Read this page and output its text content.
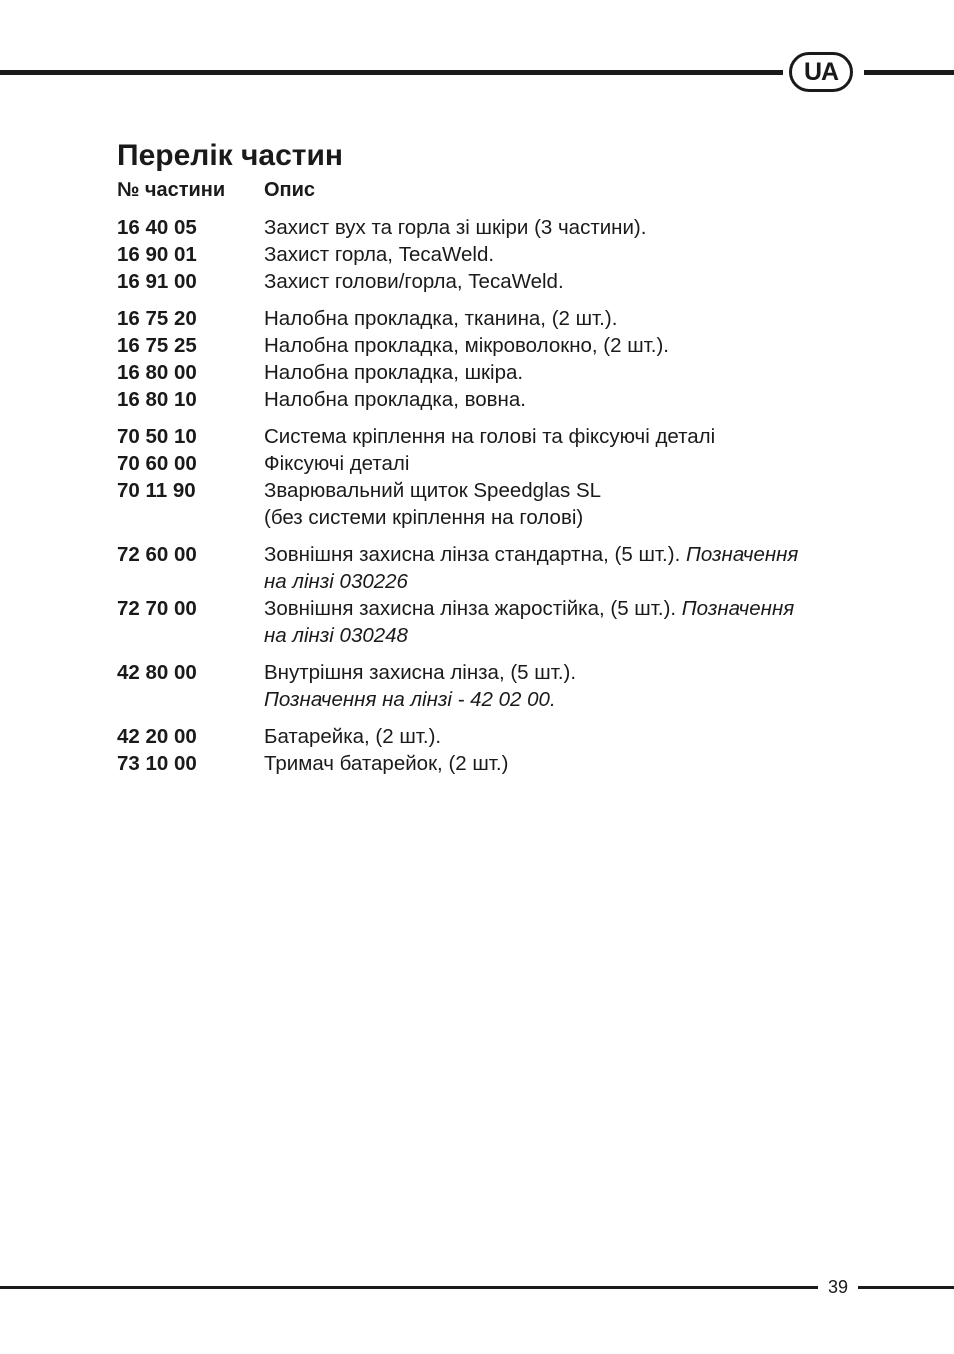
UA
Перелік частин
№ частини	Опис
16 40 05	Захист вух та горла зі шкіри (3 частини).
16 90 01	Захист горла, TecaWeld.
16 91 00	Захист голови/горла, TecaWeld.
16 75 20	Налобна прокладка, тканина, (2 шт.).
16 75 25	Налобна прокладка, мікроволокно, (2 шт.).
16 80 00	Налобна прокладка, шкіра.
16 80 10	Налобна прокладка, вовна.
70 50 10	Система кріплення на голові та фіксуючі деталі
70 60 00	Фіксуючі деталі
70 11 90	Зварювальний щиток Speedglas SL
(без системи кріплення на голові)
72 60 00	Зовнішня захисна лінза стандартна, (5 шт.). Позначення
на лінзі 030226
72 70 00	Зовнішня захисна лінза жаростійка, (5 шт.). Позначення
на лінзі 030248
42 80 00	Внутрішня захисна лінза, (5 шт.).
Позначення на лінзі - 42 02 00.
42 20 00	Батарейка, (2 шт.).
73 10 00	Тримач батарейок, (2 шт.)
39
